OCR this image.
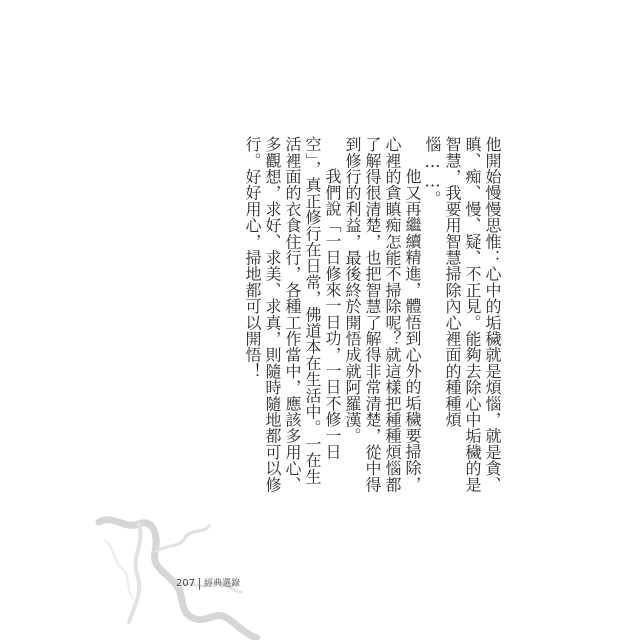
他開始慢慢思惟：心中的垢穢就是煩惱，就是貪、瞋、痴、慢、疑、不正見。能夠去除心中垢穢的是智慧，我要用智慧掃除內心裡面的種種煩惱……。

他又再繼續精進，體悟到心外的垢穢要掃除，心裡的貪瞋痴怎能不掃除呢？就這樣把種種煩惱都了解得很清楚，也把智慧了解得非常清楚，從中得到修行的利益，最後終於開悟成就阿羅漢。

我們說「一日修來一日功，一日不修一日空」，真正修行在日常，佛道本在生活中。一在生活裡面的衣食住行，各種工作當中，應該多用心、多觀想，求好、求美、求真，則隨時隨地都可以修行。好好用心，掃地都可以開悟！

207 經典選錄
